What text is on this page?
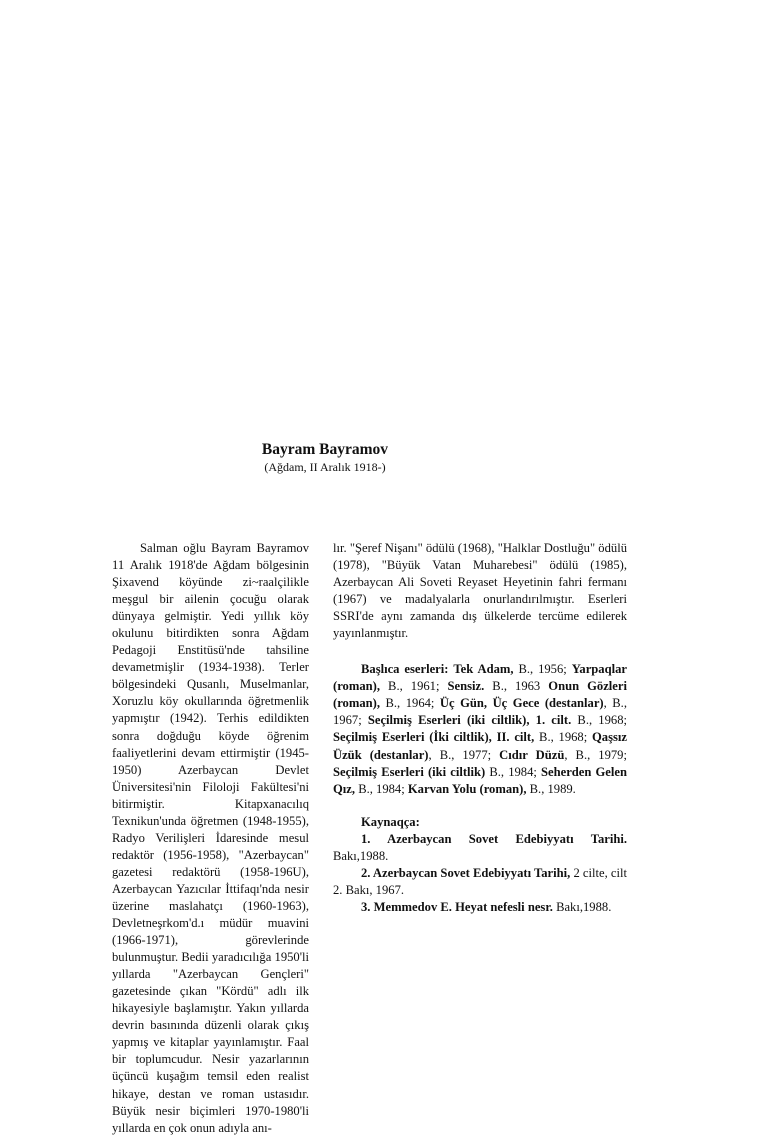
Bayram Bayramov
(Ağdam, II Aralık 1918-)

Salman oğlu Bayram Bayramov 11 Aralık 1918'de Ağdam bölgesinin Şixavend köyünde zi~raalçilikle meşgul bir ailenin çocuğu olarak dünyaya gelmiştir. Yedi yıllık köy okulunu bitirdikten sonra Ağdam Pedagoji Enstitüsü'nde tahsiline devametmişlir (1934-1938). Terler bölgesindeki Qusanlı, Muselmanlar, Xoruzlu köy okullarında öğretmenlik yapmıştır (1942). Terhis edildikten sonra doğduğu köyde öğrenim faaliyetlerini devam ettirmiştir (1945-1950) Azerbaycan Devlet Üniversitesi'nin Filoloji Fakültesi'ni bitirmiştir. Kitapxanacılıq Texnikun'unda öğretmen (1948-1955), Radyo Verilişleri İdaresinde mesul redaktör (1956-1958), "Azerbaycan" gazetesi redaktörü (1958-196U), Azerbaycan Yazıcılar İttifaqı'nda nesir üzerine maslahatçı (1960-1963), Devletneşrkom'd.ı müdür muavini (1966-1971), görevlerinde bulunmuştur. Bedii yaradıcılığa 1950'li yıllarda "Azerbaycan Gençleri" gazetesinde çıkan "Kördü" adlı ilk hikayesiyle başlamıştır. Yakın yıllarda devrin basınında düzenli olarak çıkış yapmış ve kitaplar yayınlamıştır. Faal bir toplumcudur. Nesir yazarlarının üçüncü kuşağım temsil eden realist hikaye, destan ve roman ustasıdır. Büyük nesir biçimleri 1970-1980'li yıllarda en çok onun adıyla anı-

lır. "Şeref Nişanı" ödülü (1968), "Halklar Dostluğu" ödülü (1978), "Büyük Vatan Muharebesi" ödülü (1985), Azerbaycan Ali Soveti Reyaset Heyetinin fahri fermanı (1967) ve madalyalarla onurlandırılmıştır. Eserleri SSRI'de aynı zamanda dış ülkelerde tercüme edilerek yayınlanmıştır.

Başlıca eserleri: Tek Adam, B., 1956; Yarpaqlar (roman), B., 1961; Sensiz. B., 1963 Onun Gözleri (roman), B., 1964; Üç Gün, Üç Gece (destanlar), B., 1967; Seçilmiş Eserleri (iki ciltlik), 1. cilt. B., 1968; Seçilmiş Eserleri (İki ciltlik), II. cilt, B., 1968; Qaşsız Üzük (destanlar), B., 1977; Cıdır Düzü, B., 1979; Seçilmiş Eserleri (iki ciltlik) B., 1984; Seherden Gelen Qız, B., 1984; Karvan Yolu (roman), B., 1989.

Kaynaqça:

1. Azerbaycan Sovet Edebiyyatı Tarihi. Bakı,1988.

2. Azerbaycan Sovet Edebiyyatı Tarihi, 2 cilte, cilt 2. Bakı, 1967.

3. Memmedov E. Heyat nefesli nesr. Bakı,1988.
